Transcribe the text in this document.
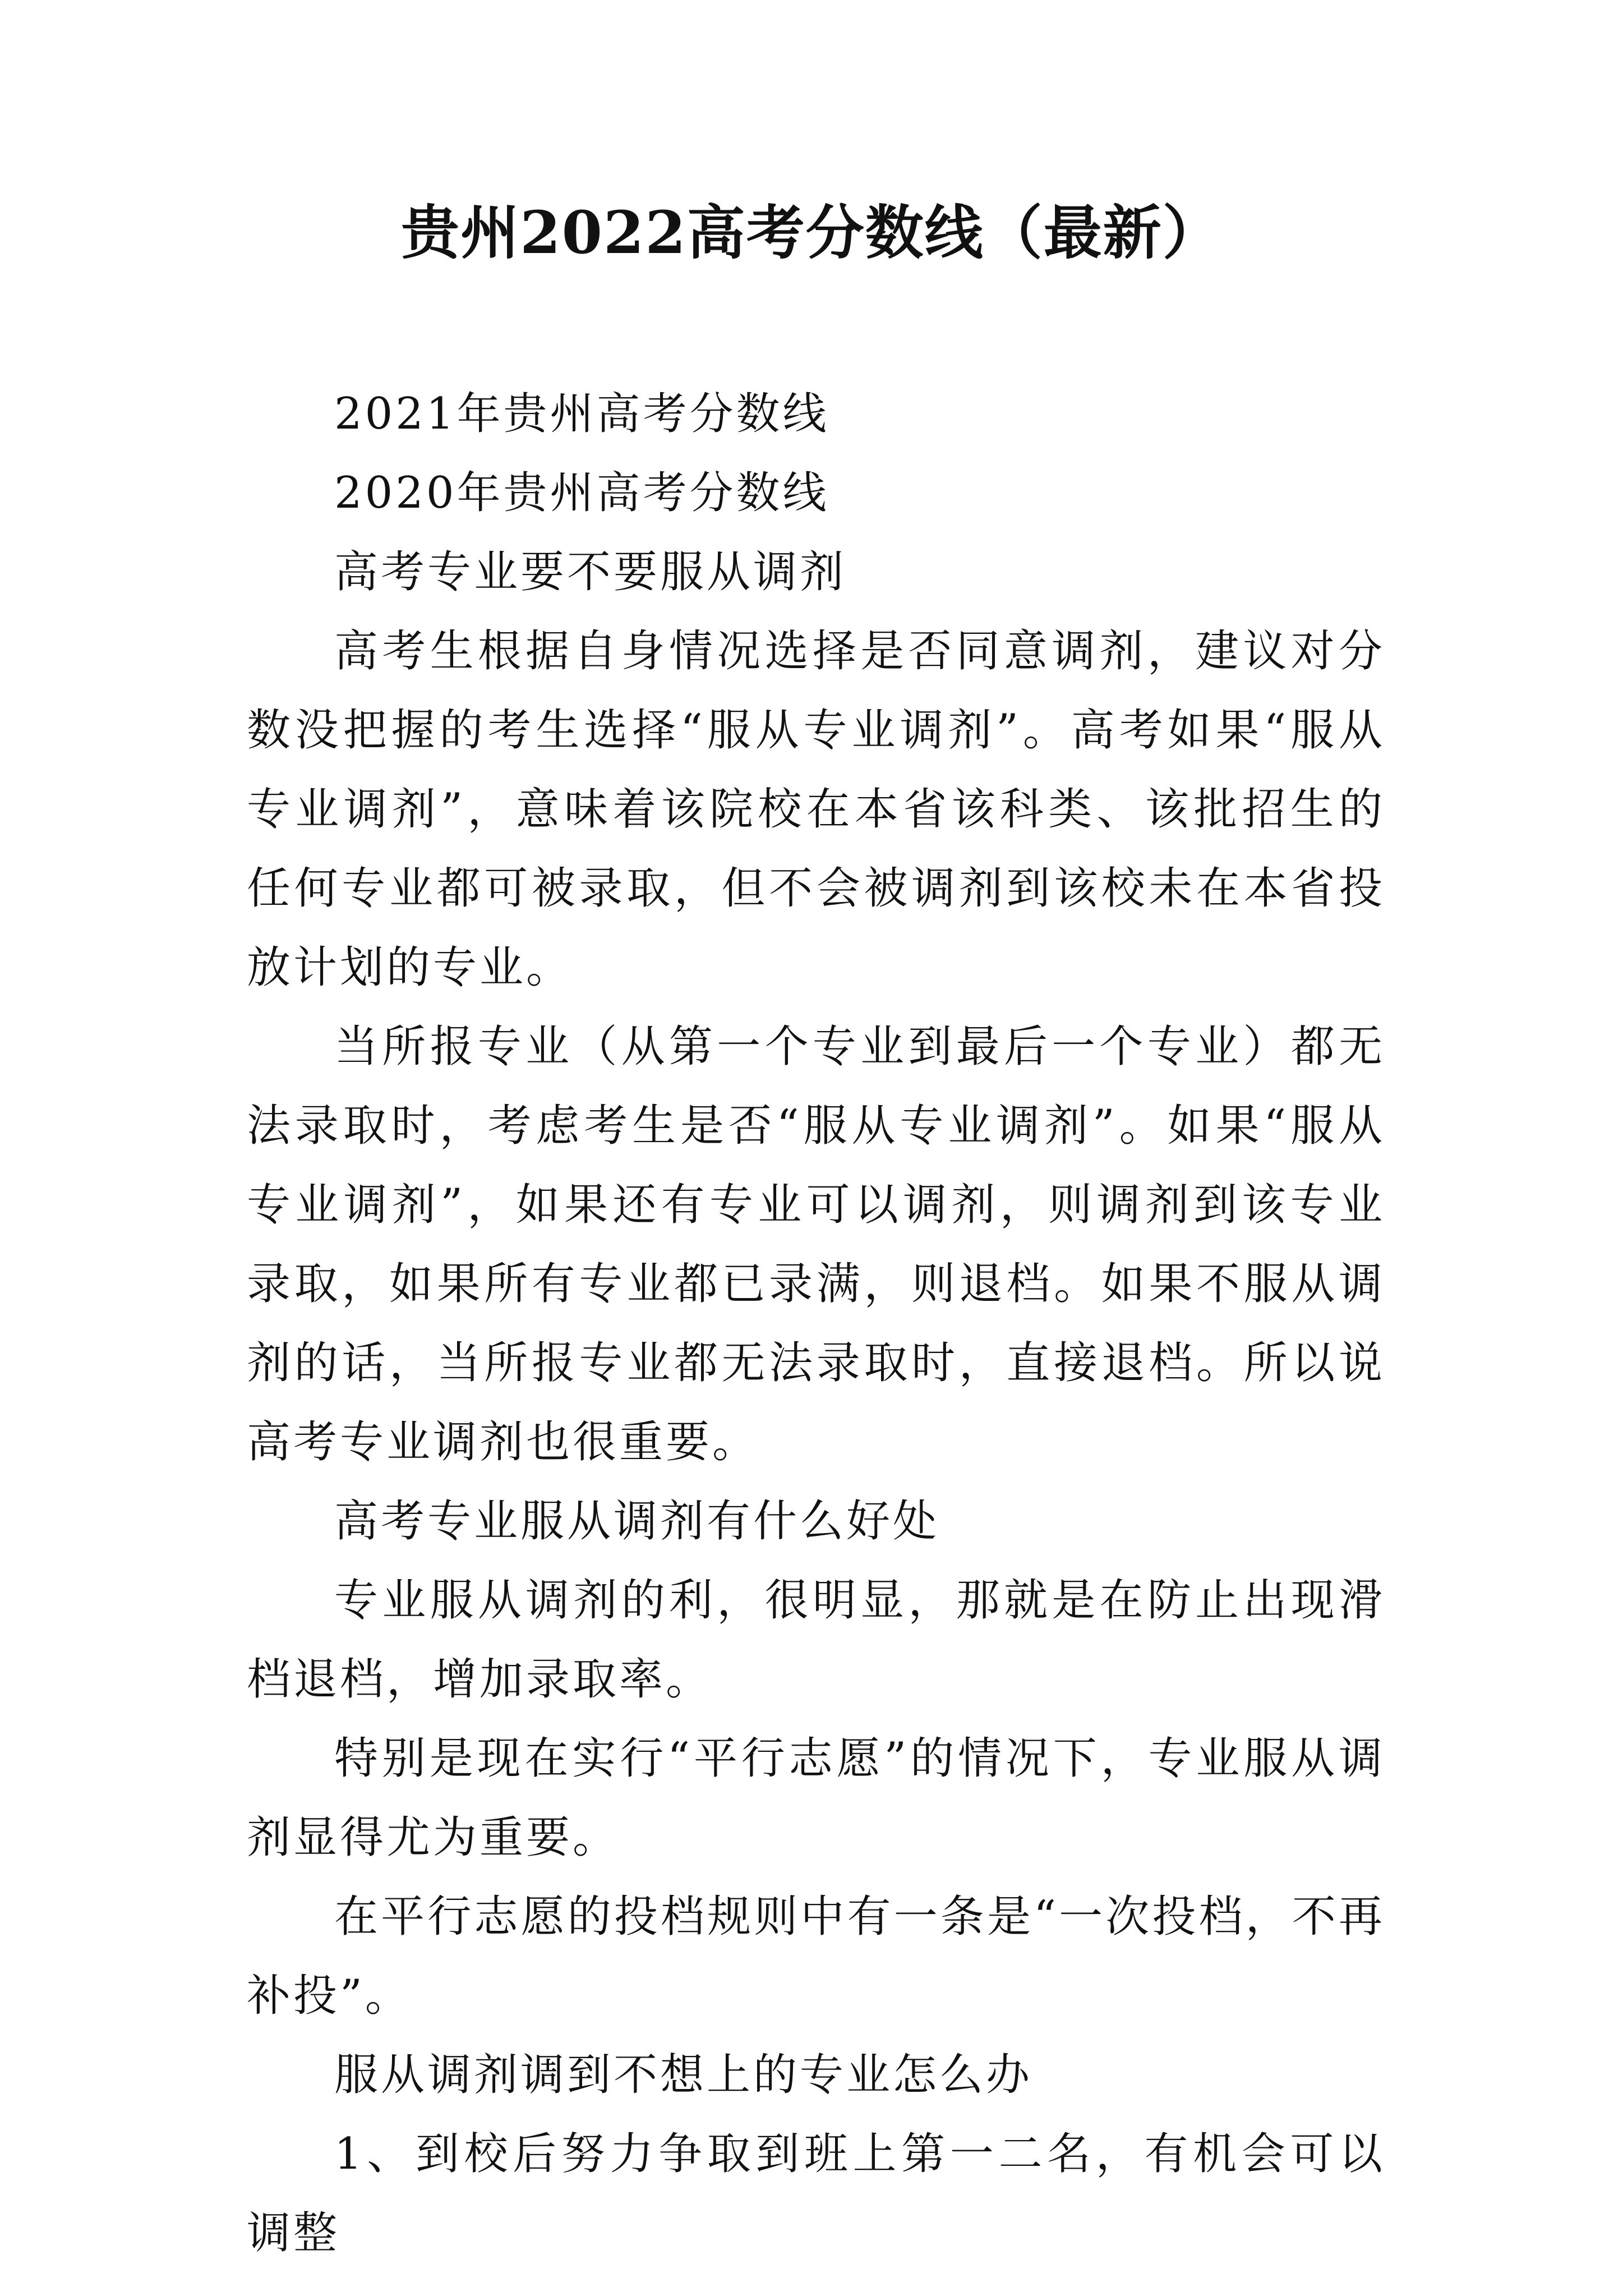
贵州2022高考分数线（最新）

2021年贵州高考分数线

2020年贵州高考分数线

高考专业要不要服从调剂

高考生根据自身情况选择是否同意调剂，建议对分数没把握的考生选择“服从专业调剂”。高考如果“服从专业调剂”，意味着该院校在本省该科类、该批招生的任何专业都可被录取，但不会被调剂到该校未在本省投放计划的专业。

当所报专业（从第一个专业到最后一个专业）都无法录取时，考虑考生是否“服从专业调剂”。如果“服从专业调剂”，如果还有专业可以调剂，则调剂到该专业录取，如果所有专业都已录满，则退档。如果不服从调剂的话，当所报专业都无法录取时，直接退档。所以说高考专业调剂也很重要。

高考专业服从调剂有什么好处

专业服从调剂的利，很明显，那就是在防止出现滑档退档，增加录取率。

特别是现在实行“平行志愿”的情况下，专业服从调剂显得尤为重要。

在平行志愿的投档规则中有一条是“一次投档，不再补投”。

服从调剂调到不想上的专业怎么办

1、到校后努力争取到班上第一二名，有机会可以调整
